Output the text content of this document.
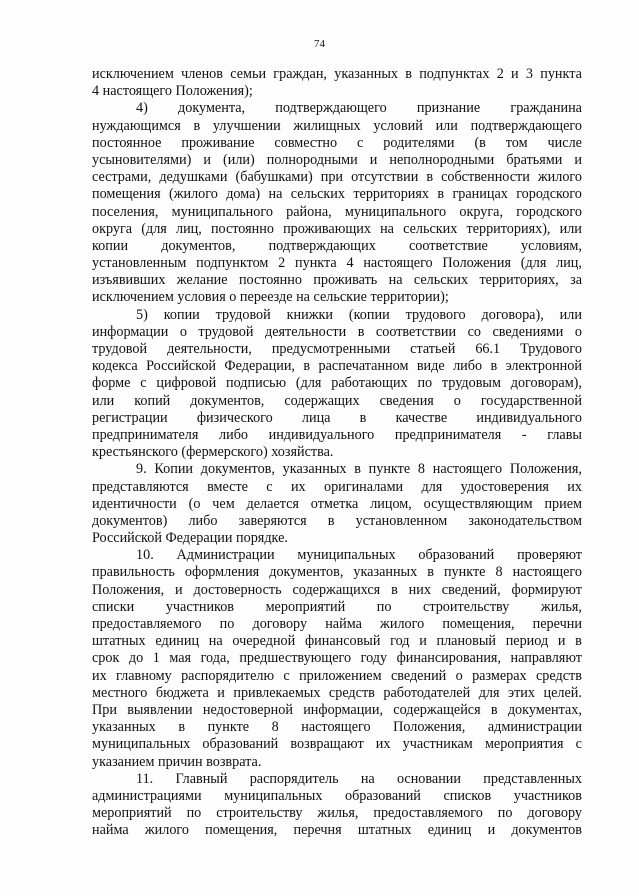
74
исключением членов семьи граждан, указанных в подпунктах 2 и 3 пункта
4 настоящего Положения);
4) документа, подтверждающего признание гражданина
нуждающимся в улучшении жилищных условий или подтверждающего
постоянное проживание совместно с родителями (в том числе
усыновителями) и (или) полнородными и неполнородными братьями и
сестрами, дедушками (бабушками) при отсутствии в собственности жилого
помещения (жилого дома) на сельских территориях в границах городского
поселения, муниципального района, муниципального округа, городского
округа (для лиц, постоянно проживающих на сельских территориях), или
копии документов, подтверждающих соответствие условиям,
установленным подпунктом 2 пункта 4 настоящего Положения (для лиц,
изъявивших желание постоянно проживать на сельских территориях, за
исключением условия о переезде на сельские территории);
5) копии трудовой книжки (копии трудового договора), или
информации о трудовой деятельности в соответствии со сведениями о
трудовой деятельности, предусмотренными статьей 66.1 Трудового
кодекса Российской Федерации, в распечатанном виде либо в электронной
форме с цифровой подписью (для работающих по трудовым договорам),
или копий документов, содержащих сведения о государственной
регистрации физического лица в качестве индивидуального
предпринимателя либо индивидуального предпринимателя - главы
крестьянского (фермерского) хозяйства.
9. Копии документов, указанных в пункте 8 настоящего Положения,
представляются вместе с их оригиналами для удостоверения их
идентичности (о чем делается отметка лицом, осуществляющим прием
документов) либо заверяются в установленном законодательством
Российской Федерации порядке.
10. Администрации муниципальных образований проверяют
правильность оформления документов, указанных в пункте 8 настоящего
Положения, и достоверность содержащихся в них сведений, формируют
списки участников мероприятий по строительству жилья,
предоставляемого по договору найма жилого помещения, перечни
штатных единиц на очередной финансовый год и плановый период и в
срок до 1 мая года, предшествующего году финансирования, направляют
их главному распорядителю с приложением сведений о размерах средств
местного бюджета и привлекаемых средств работодателей для этих целей.
При выявлении недостоверной информации, содержащейся в документах,
указанных в пункте 8 настоящего Положения, администрации
муниципальных образований возвращают их участникам мероприятия с
указанием причин возврата.
11. Главный распорядитель на основании представленных
администрациями муниципальных образований списков участников
мероприятий по строительству жилья, предоставляемого по договору
найма жилого помещения, перечня штатных единиц и документов
